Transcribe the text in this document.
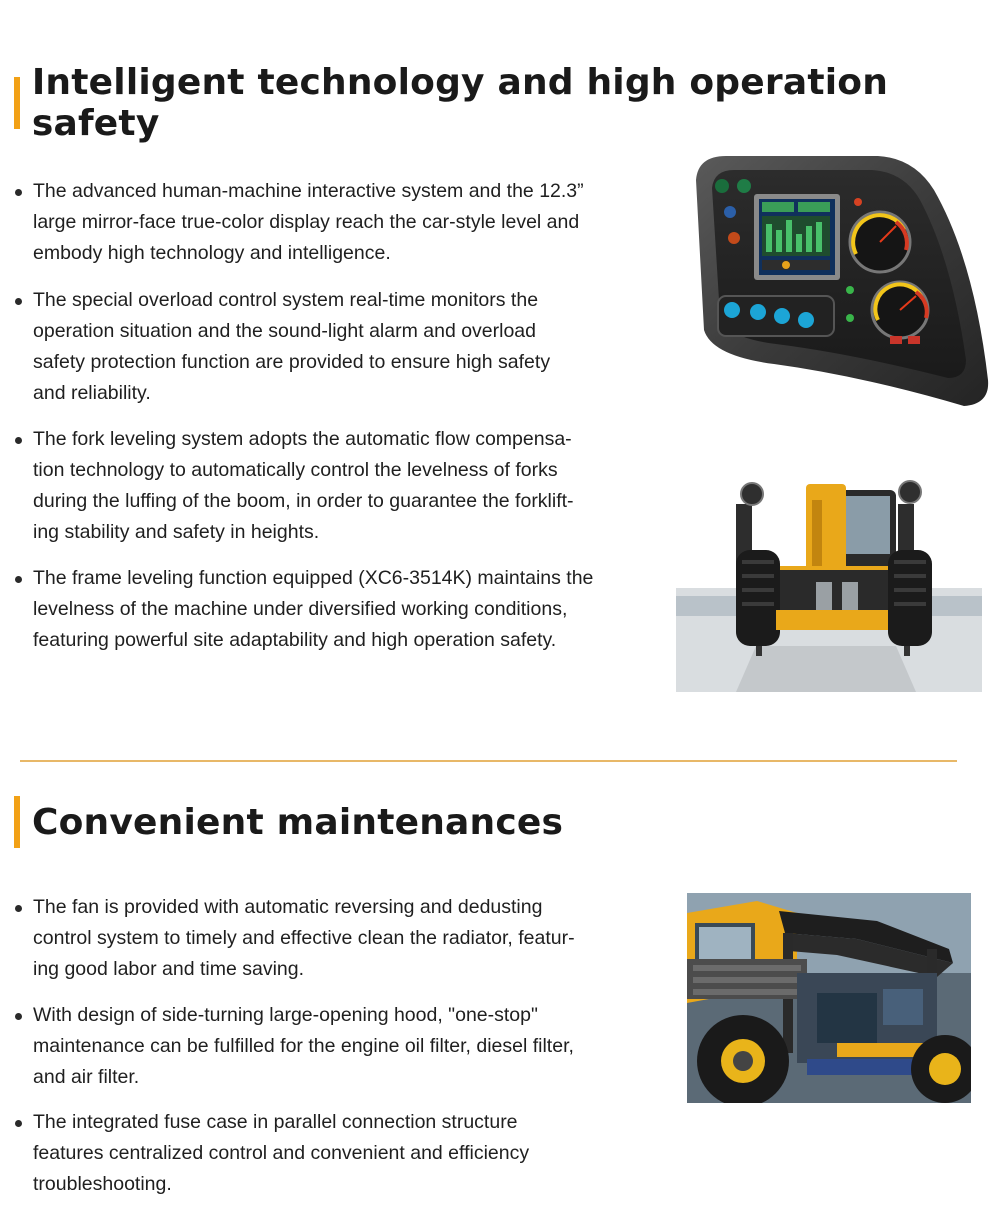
Intelligent technology and high operation safety
The advanced human-machine interactive system and the 12.3”
large mirror-face true-color display reach the car-style level and
embody high technology and intelligence.
The special overload control system real-time monitors the
operation situation and the sound-light alarm and overload
safety protection function are provided to ensure high safety
and reliability.
The fork leveling system adopts the automatic flow compensa-
tion technology to automatically control the levelness of forks
during the luffing of the boom, in order to guarantee the forklift-
ing stability and safety in heights.
The frame leveling function equipped (XC6-3514K) maintains the
levelness of the machine under diversified working conditions,
featuring powerful site adaptability and high operation safety.
Convenient maintenances
The fan is provided with automatic reversing and dedusting
control system to timely and effective clean the radiator, featur-
ing good labor and time saving.
With design of side-turning large-opening hood, "one-stop"
maintenance can be fulfilled for the engine oil filter, diesel filter,
and air filter.
The integrated fuse case in parallel connection structure
features centralized control and convenient and efficiency
troubleshooting.
